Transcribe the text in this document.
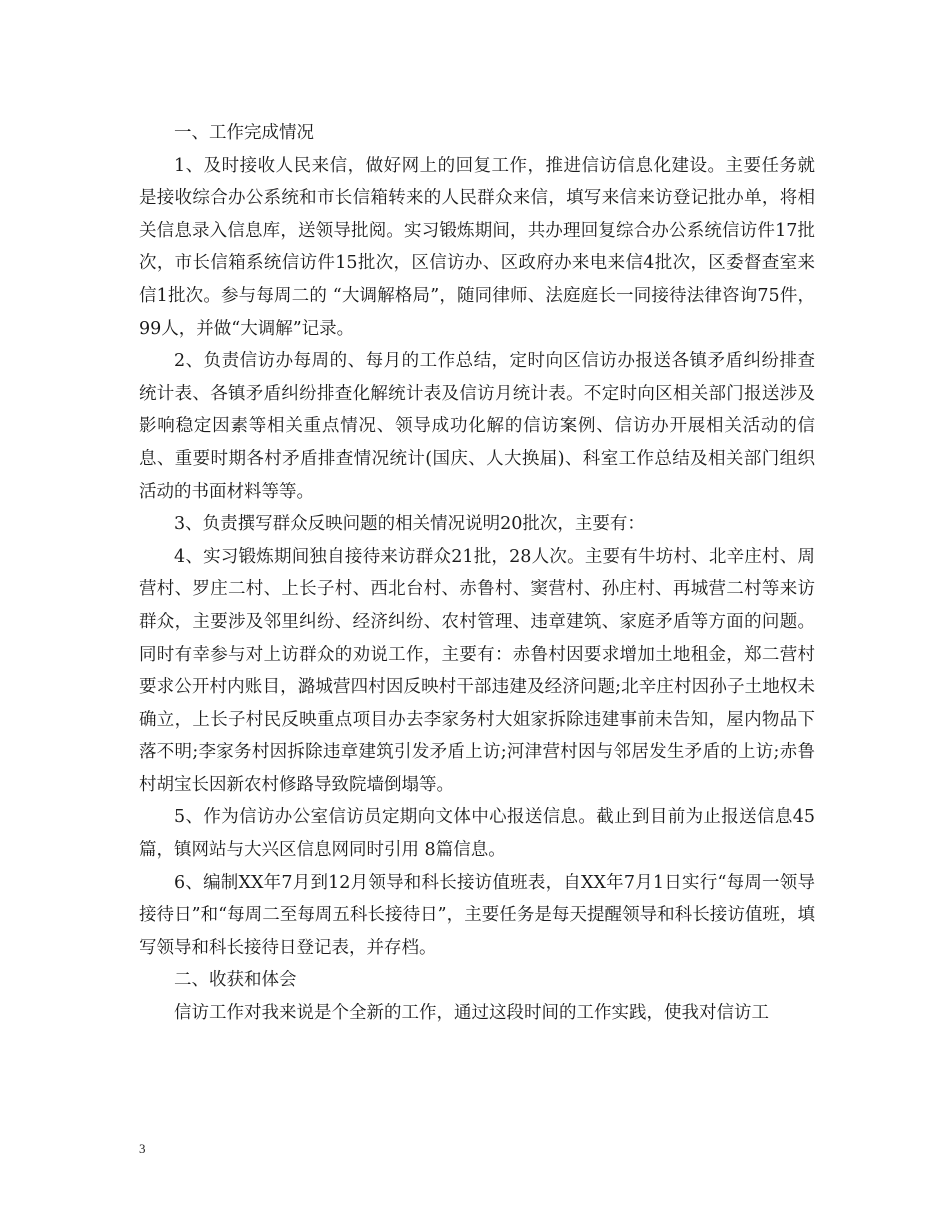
一、工作完成情况

1、及时接收人民来信，做好网上的回复工作，推进信访信息化建设。主要任务就是接收综合办公系统和市长信箱转来的人民群众来信，填写来信来访登记批办单，将相关信息录入信息库，送领导批阅。实习锻炼期间，共办理回复综合办公系统信访件17批次，市长信箱系统信访件15批次，区信访办、区政府办来电来信4批次，区委督查室来信1批次。参与每周二的 “大调解格局”，随同律师、法庭庭长一同接待法律咨询75件，99人，并做“大调解”记录。

2、负责信访办每周的、每月的工作总结，定时向区信访办报送各镇矛盾纠纷排查统计表、各镇矛盾纠纷排查化解统计表及信访月统计表。不定时向区相关部门报送涉及影响稳定因素等相关重点情况、领导成功化解的信访案例、信访办开展相关活动的信息、重要时期各村矛盾排查情况统计(国庆、人大换届)、科室工作总结及相关部门组织活动的书面材料等等。

3、负责撰写群众反映问题的相关情况说明20批次，主要有：

4、实习锻炼期间独自接待来访群众21批，28人次。主要有牛坊村、北辛庄村、周营村、罗庄二村、上长子村、西北台村、赤鲁村、窦营村、孙庄村、再城营二村等来访群众，主要涉及邻里纠纷、经济纠纷、农村管理、违章建筑、家庭矛盾等方面的问题。同时有幸参与对上访群众的劝说工作，主要有：赤鲁村因要求增加土地租金，郑二营村要求公开村内账目，潞城营四村因反映村干部违建及经济问题;北辛庄村因孙子土地权未确立，上长子村民反映重点项目办去李家务村大姐家拆除违建事前未告知，屋内物品下落不明;李家务村因拆除违章建筑引发矛盾上访;河津营村因与邻居发生矛盾的上访;赤鲁村胡宝长因新农村修路导致院墙倒塌等。

5、作为信访办公室信访员定期向文体中心报送信息。截止到目前为止报送信息45篇，镇网站与大兴区信息网同时引用 8篇信息。

6、编制XX年7月到12月领导和科长接访值班表，自XX年7月1日实行“每周一领导接待日”和“每周二至每周五科长接待日”，主要任务是每天提醒领导和科长接访值班，填写领导和科长接待日登记表，并存档。

二、收获和体会

信访工作对我来说是个全新的工作，通过这段时间的工作实践，使我对信访工

3
